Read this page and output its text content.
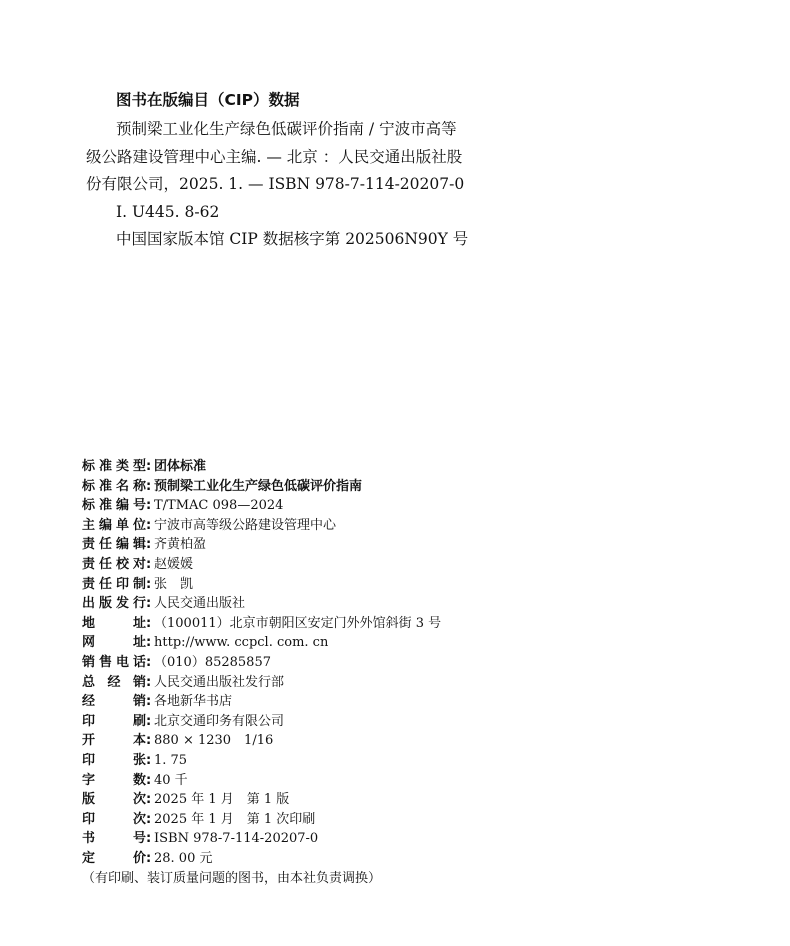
图书在版编目（CIP）数据
预制梁工业化生产绿色低碳评价指南 / 宁波市高等
级公路建设管理中心主编. — 北京 ：人民交通出版社股
份有限公司，2025. 1. — ISBN 978-7-114-20207-0
Ⅰ. U445. 8-62
中国国家版本馆 CIP 数据核字第 202506N90Y 号
标准类型 : 团体标准
标准名称 : 预制梁工业化生产绿色低碳评价指南
标准编号 : T/TMAC 098—2024
主编单位 : 宁波市高等级公路建设管理中心
责任编辑 : 齐黄柏盈
责任校对 : 赵媛媛
责任印制 : 张　凯
出版发行 : 人民交通出版社
地址 : （100011）北京市朝阳区安定门外外馆斜街 3 号
网址 : http://www. ccpcl. com. cn
销售电话 : （010）85285857
总经销 : 人民交通出版社发行部
经销 : 各地新华书店
印刷 : 北京交通印务有限公司
开本 : 880 × 1230　1/16
印张 : 1. 75
字数 : 40 千
版次 : 2025 年 1 月　第 1 版
印次 : 2025 年 1 月　第 1 次印刷
书号 : ISBN 978-7-114-20207-0
定价 : 28. 00 元
（有印刷、装订质量问题的图书，由本社负责调换）
